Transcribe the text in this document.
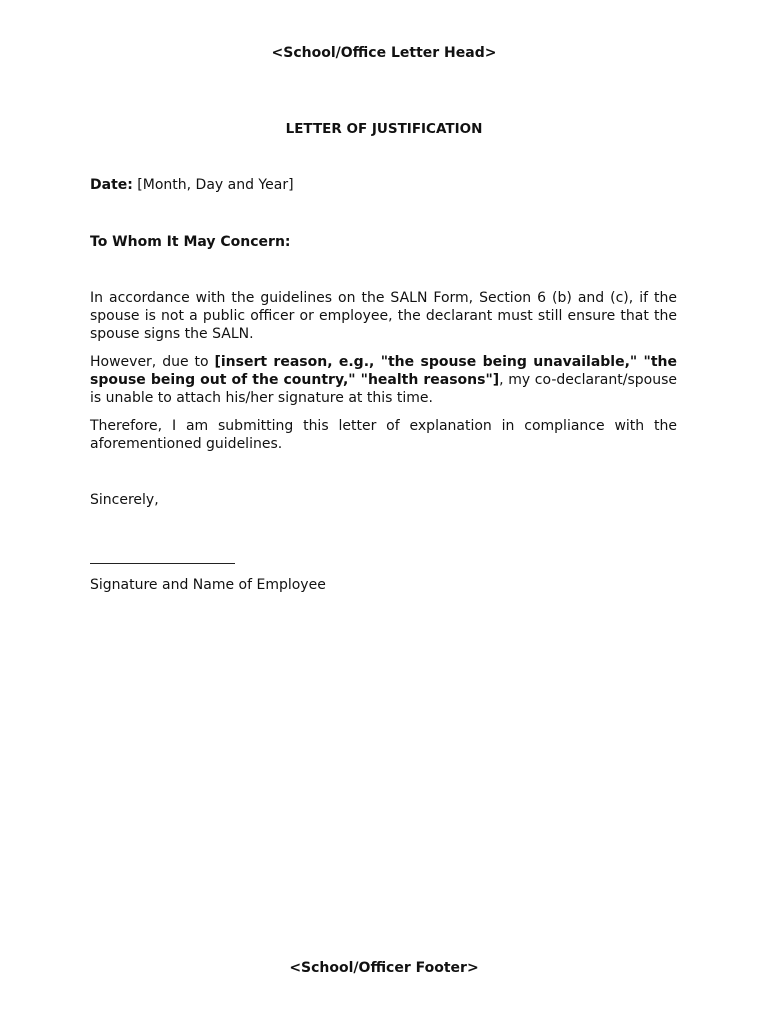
<School/Office Letter Head>
LETTER OF JUSTIFICATION
Date: [Month, Day and Year]
To Whom It May Concern:
In accordance with the guidelines on the SALN Form, Section 6 (b) and (c), if the spouse is not a public officer or employee, the declarant must still ensure that the spouse signs the SALN.
However, due to [insert reason, e.g., "the spouse being unavailable," "the spouse being out of the country," "health reasons"], my co-declarant/spouse is unable to attach his/her signature at this time.
Therefore, I am submitting this letter of explanation in compliance with the aforementioned guidelines.
Sincerely,
Signature and Name of Employee
<School/Officer Footer>
